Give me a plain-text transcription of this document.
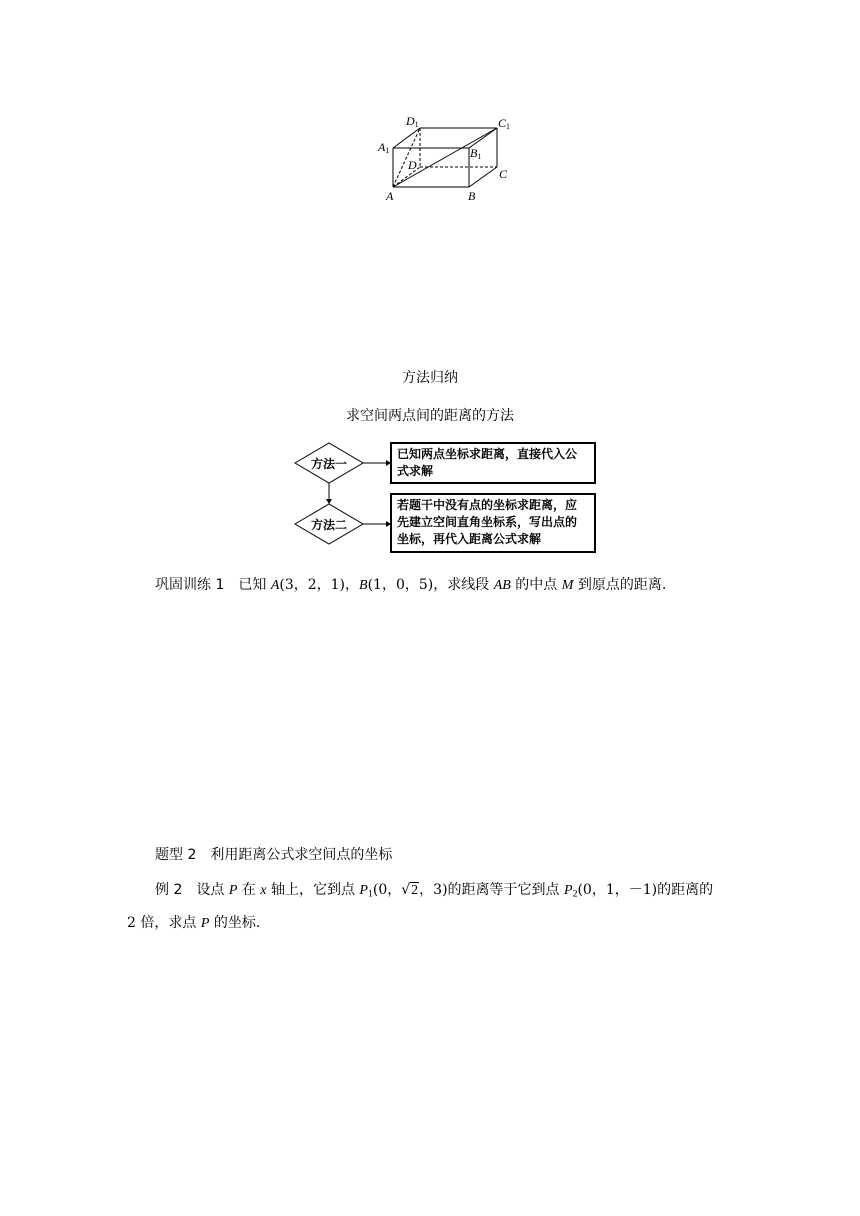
$D_1$	$C_1$
$A_1$	$B_1$
D
C
A	B
方法归纳
求空间两点间的距离的方法
方法一
方法二
已知两点坐标求距离，直接代入公
式求解
若题干中没有点的坐标求距离，应
先建立空间直角坐标系，写出点的
坐标，再代入距离公式求解
巩固训练 1　 已知 A(3，2，1)，B(1，0，5)，求线段 AB 的中点 M 到原点的距离.
题型 2　利用距离公式求空间点的坐标
例 2　 设点 P 在 x 轴上，它到点 $P_1(0$，√2，3)的距离等于它到点 $P_2(0$，1，－1)的距离的
2 倍，求点 P 的坐标.
